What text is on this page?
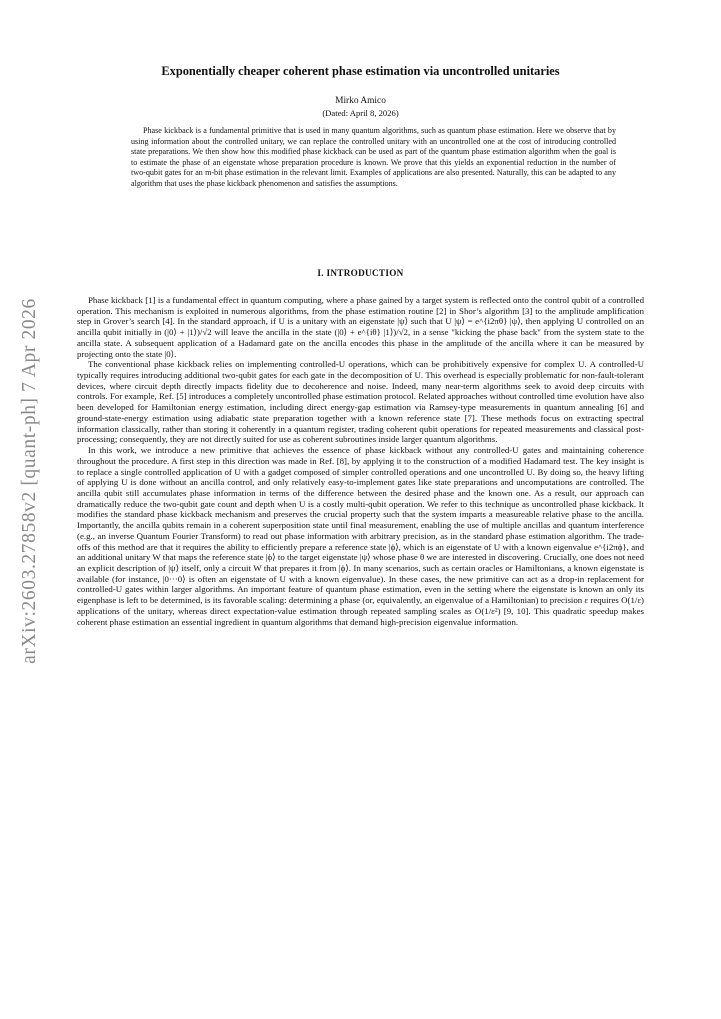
arXiv:2603.27858v2 [quant-ph] 7 Apr 2026
Exponentially cheaper coherent phase estimation via uncontrolled unitaries
Mirko Amico
(Dated: April 8, 2026)
Phase kickback is a fundamental primitive that is used in many quantum algorithms, such as quantum phase estimation. Here we observe that by using information about the controlled unitary, we can replace the controlled unitary with an uncontrolled one at the cost of introducing controlled state preparations. We then show how this modified phase kickback can be used as part of the quantum phase estimation algorithm when the goal is to estimate the phase of an eigenstate whose preparation procedure is known. We prove that this yields an exponential reduction in the number of two-qubit gates for an m-bit phase estimation in the relevant limit. Examples of applications are also presented. Naturally, this can be adapted to any algorithm that uses the phase kickback phenomenon and satisfies the assumptions.
I. INTRODUCTION

Phase kickback [1] is a fundamental effect in quantum computing, where a phase gained by a target system is reflected onto the control qubit of a controlled operation. This mechanism is exploited in numerous algorithms, from the phase estimation routine [2] in Shor’s algorithm [3] to the amplitude amplification step in Grover’s search [4]. In the standard approach, if U is a unitary with an eigenstate |ψ⟩ such that U |ψ⟩ = e^{i2πθ} |ψ⟩, then applying U controlled on an ancilla qubit initially in (|0⟩ + |1⟩)/√2 will leave the ancilla in the state (|0⟩ + e^{iθ} |1⟩)/√2, in a sense "kicking the phase back" from the system state to the ancilla state. A subsequent application of a Hadamard gate on the ancilla encodes this phase in the amplitude of the ancilla where it can be measured by projecting onto the state |0⟩.

The conventional phase kickback relies on implementing controlled-U operations, which can be prohibitively expensive for complex U. A controlled-U typically requires introducing additional two-qubit gates for each gate in the decomposition of U. This overhead is especially problematic for non-fault-tolerant devices, where circuit depth directly impacts fidelity due to decoherence and noise. Indeed, many near-term algorithms seek to avoid deep circuits with controls. For example, Ref. [5] introduces a completely uncontrolled phase estimation protocol. Related approaches without controlled time evolution have also been developed for Hamiltonian energy estimation, including direct energy-gap estimation via Ramsey-type measurements in quantum annealing [6] and ground-state-energy estimation using adiabatic state preparation together with a known reference state [7]. These methods focus on extracting spectral information classically, rather than storing it coherently in a quantum register, trading coherent qubit operations for repeated measurements and classical post-processing; consequently, they are not directly suited for use as coherent subroutines inside larger quantum algorithms.

In this work, we introduce a new primitive that achieves the essence of phase kickback without any controlled-U gates and maintaining coherence throughout the procedure. A first step in this direction was made in Ref. [8], by applying it to the construction of a modified Hadamard test. The key insight is to replace a single controlled application of U with a gadget composed of simpler controlled operations and one uncontrolled U. By doing so, the heavy lifting of applying U is done without an ancilla control, and only relatively easy-to-implement gates like state preparations and uncomputations are controlled. The ancilla qubit still accumulates phase information in terms of the difference between the desired phase and the known one. As a result, our approach can dramatically reduce the two-qubit gate count and depth when U is a costly multi-qubit operation. We refer to this technique as uncontrolled phase kickback. It modifies the standard phase kickback mechanism and preserves the crucial property such that the system imparts a measureable relative phase to the ancilla. Importantly, the ancilla qubits remain in a coherent superposition state until final measurement, enabling the use of multiple ancillas and quantum interference (e.g., an inverse Quantum Fourier Transform) to read out phase information with arbitrary precision, as in the standard phase estimation algorithm. The trade-offs of this method are that it requires the ability to efficiently prepare a reference state |ϕ⟩, which is an eigenstate of U with a known eigenvalue e^{i2πϕ}, and an additional unitary W that maps the reference state |ϕ⟩ to the target eigenstate |ψ⟩ whose phase θ we are interested in discovering. Crucially, one does not need an explicit description of |ψ⟩ itself, only a circuit W that prepares it from |ϕ⟩. In many scenarios, such as certain oracles or Hamiltonians, a known eigenstate is available (for instance, |0···0⟩ is often an eigenstate of U with a known eigenvalue). In these cases, the new primitive can act as a drop-in replacement for controlled-U gates within larger algorithms. An important feature of quantum phase estimation, even in the setting where the eigenstate is known an only its eigenphase is left to be determined, is its favorable scaling: determining a phase (or, equivalently, an eigenvalue of a Hamiltonian) to precision ε requires O(1/ε) applications of the unitary, whereas direct expectation-value estimation through repeated sampling scales as O(1/ε²) [9, 10]. This quadratic speedup makes coherent phase estimation an essential ingredient in quantum algorithms that demand high-precision eigenvalue information.
